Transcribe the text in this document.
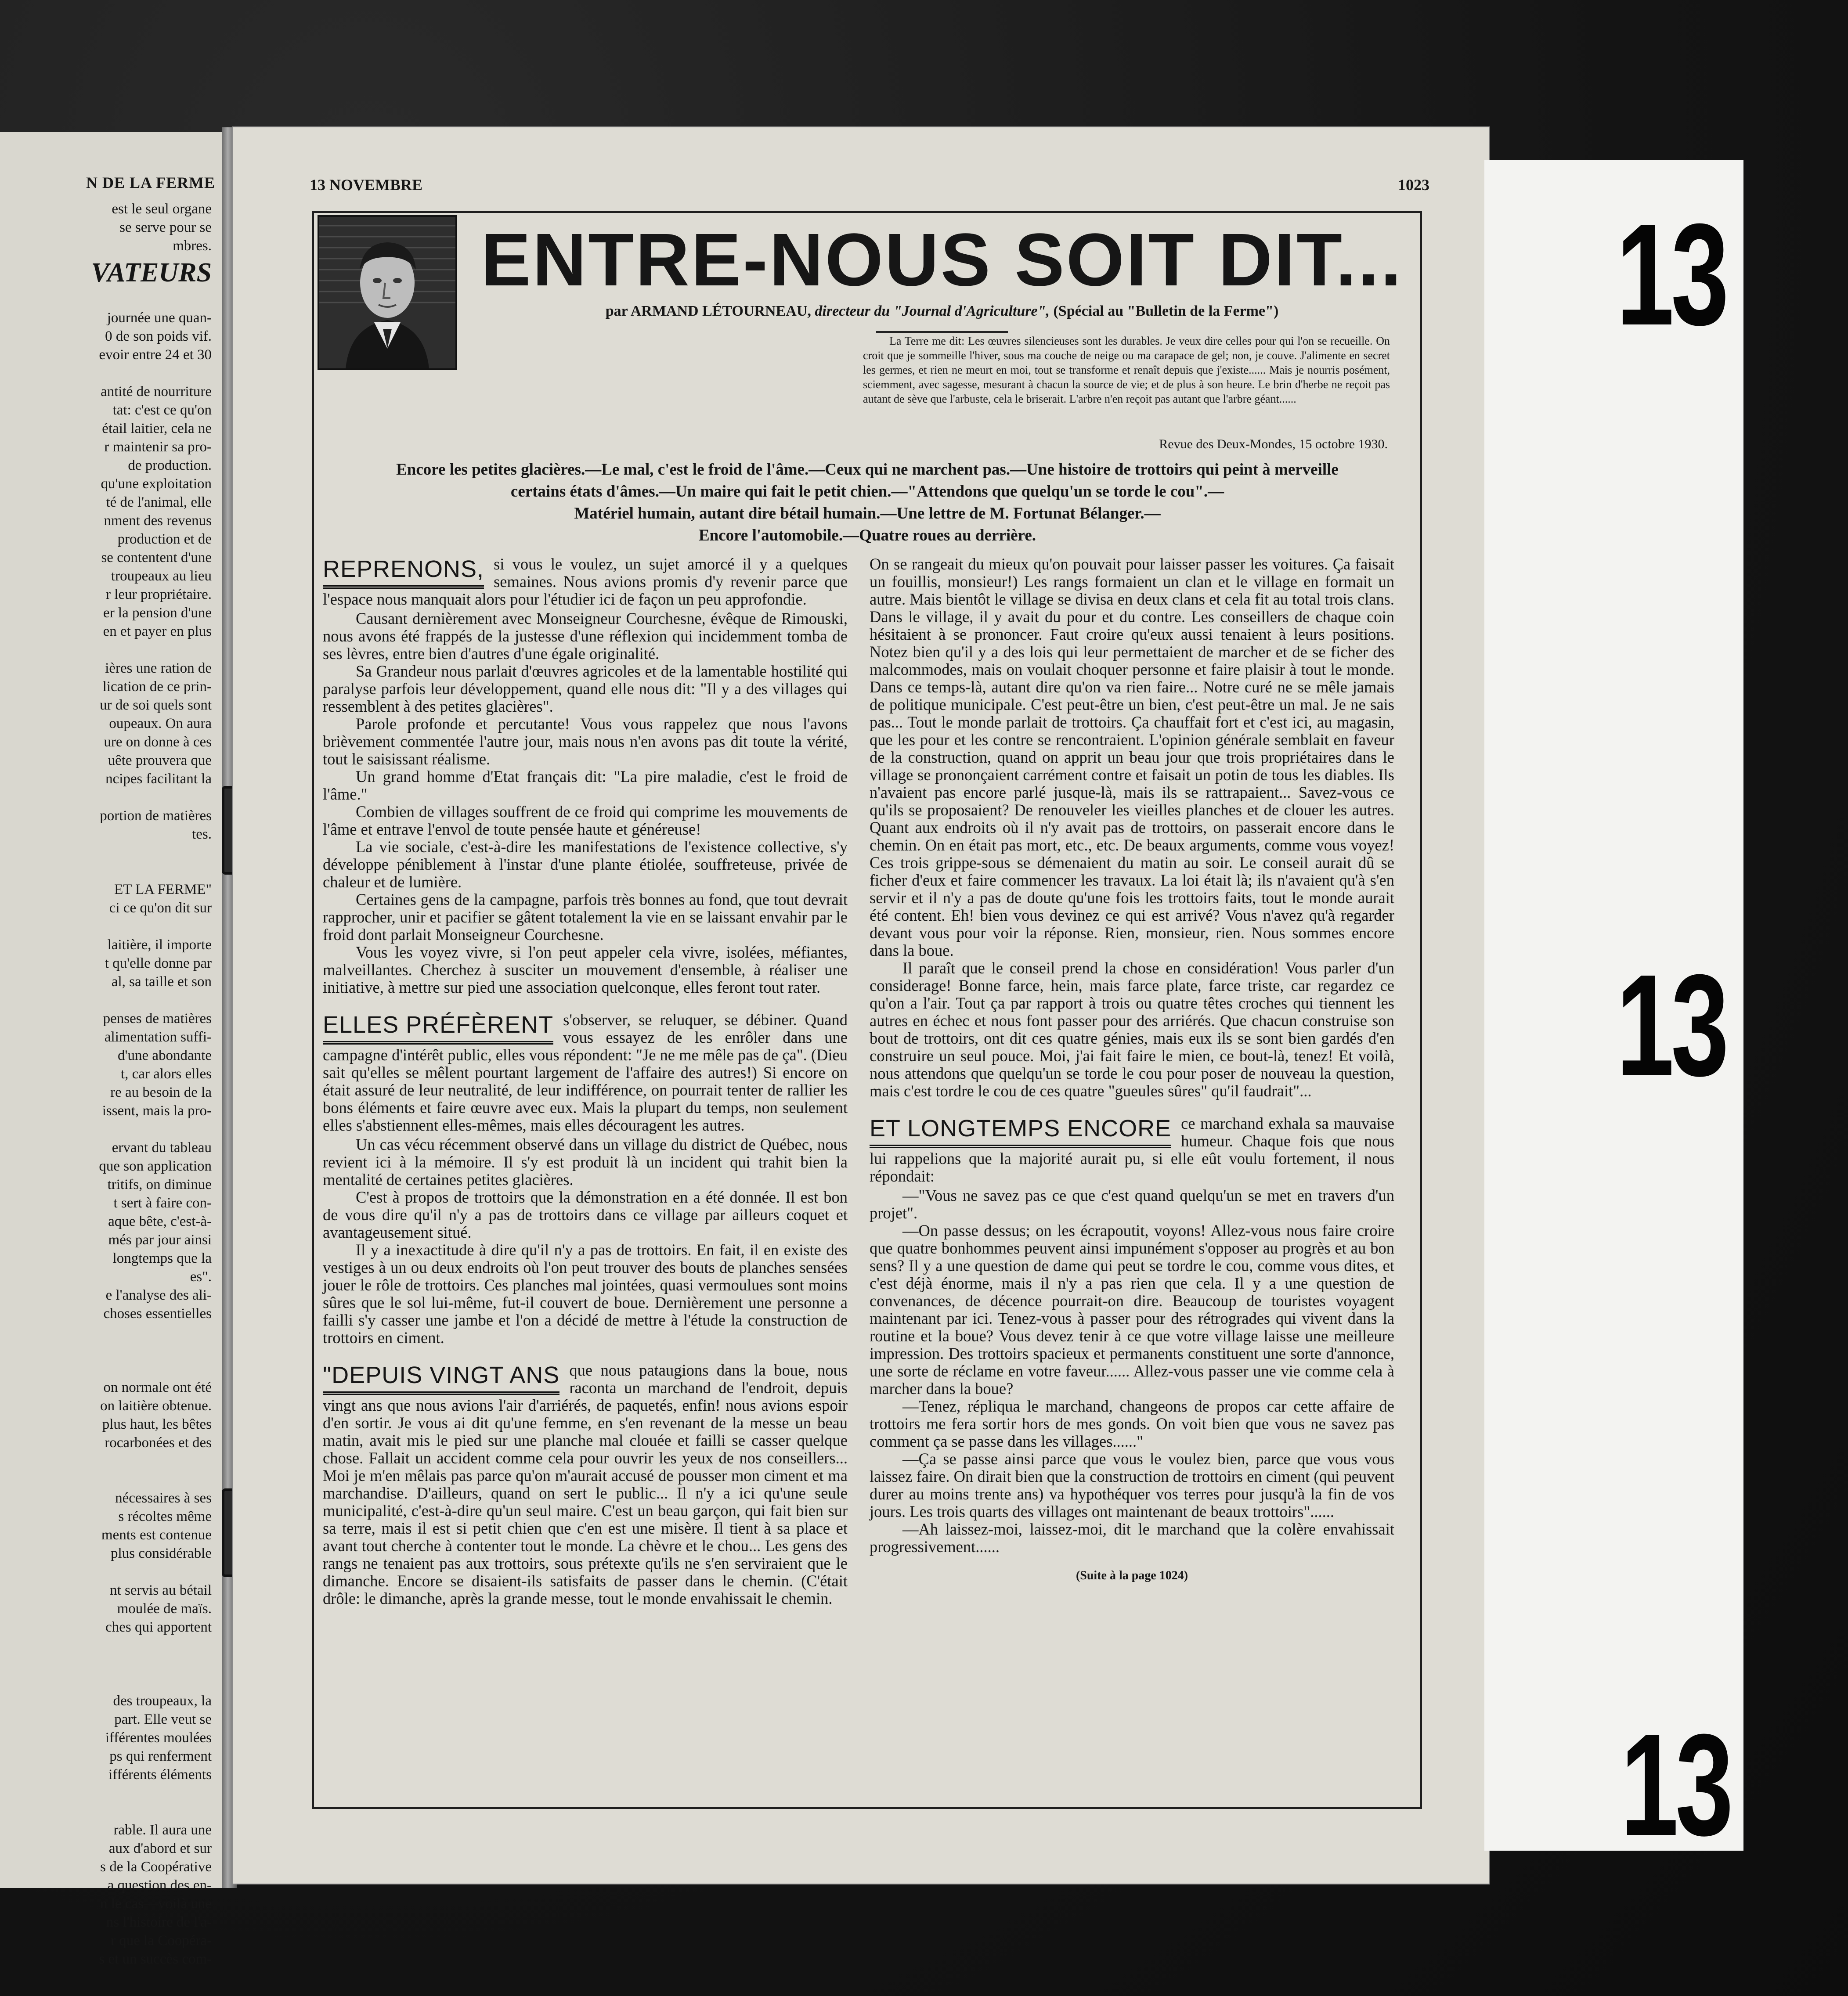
N DE LA FERME
est le seul organe
se serve pour se
mbres.
VATEURS

journée une quan-
0 de son poids vif.
evoir entre 24 et 30

antité de nourriture
tat: c'est ce qu'on
étail laitier, cela ne
r maintenir sa pro-
de production.
qu'une exploitation
té de l'animal, elle
nment des revenus
production et de
se contentent d'une
troupeaux au lieu
r leur propriétaire.
er la pension d'une
en et payer en plus

ières une ration de
lication de ce prin-
ur de soi quels sont
oupeaux. On aura
ure on donne à ces
uête prouvera que
ncipes facilitant la

portion de matières
tes.

ET LA FERME"
ci ce qu'on dit sur

laitière, il importe
t qu'elle donne par
al, sa taille et son

penses de matières
alimentation suffi-
d'une abondante
t, car alors elles
re au besoin de la
issent, mais la pro-

ervant du tableau
que son application
tritifs, on diminue
t sert à faire con-
aque bête, c'est-à-
més par jour ainsi
longtemps que la
es".
e l'analyse des ali-
choses essentielles

on normale ont été
on laitière obtenue.
plus haut, les bêtes
rocarbonées et des

nécessaires à ses
s récoltes même
ments est contenue
plus considérable

nt servis au bétail
moulée de maïs.
ches qui apportent

des troupeaux, la
part. Elle veut se
ifférentes moulées
ps qui renferment
ifférents éléments

rable. Il aura une
aux d'abord et sur
s de la Coopérative
a question des en-
n le cas—voilà une
ns l'histoire de l'a-
r que la Coopéra-
s et un succès com-
13 NOVEMBRE	1023
ENTRE-NOUS SOIT DIT...
par ARMAND LÉTOURNEAU, directeur du "Journal d'Agriculture", (Spécial au "Bulletin de la Ferme")
La Terre me dit: Les œuvres silencieuses sont les durables. Je veux dire celles pour qui l'on se recueille. On croit que je sommeille l'hiver, sous ma couche de neige ou ma carapace de gel; non, je couve. J'alimente en secret les germes, et rien ne meurt en moi, tout se transforme et renaît depuis que j'existe...... Mais je nourris posément, sciemment, avec sagesse, mesurant à chacun la source de vie; et de plus à son heure. Le brin d'herbe ne reçoit pas autant de sève que l'arbuste, cela le briserait. L'arbre n'en reçoit pas autant que l'arbre géant......
Revue des Deux-Mondes, 15 octobre 1930.
Encore les petites glacières.—Le mal, c'est le froid de l'âme.—Ceux qui ne marchent pas.—Une histoire de trottoirs qui peint à merveille
certains états d'âmes.—Un maire qui fait le petit chien.—"Attendons que quelqu'un se torde le cou".—
Matériel humain, autant dire bétail humain.—Une lettre de M. Fortunat Bélanger.—
Encore l'automobile.—Quatre roues au derrière.
REPRENONS, si vous le voulez, un sujet amorcé il y a quelques semaines. Nous avions promis d'y revenir parce que l'espace nous manquait alors pour l'étudier ici de façon un peu approfondie.

Causant dernièrement avec Monseigneur Courchesne, évêque de Rimouski, nous avons été frappés de la justesse d'une réflexion qui incidemment tomba de ses lèvres, entre bien d'autres d'une égale originalité.

Sa Grandeur nous parlait d'œuvres agricoles et de la lamentable hostilité qui paralyse parfois leur développement, quand elle nous dit: "Il y a des villages qui ressemblent à des petites glacières".

Parole profonde et percutante! Vous vous rappelez que nous l'avons brièvement commentée l'autre jour, mais nous n'en avons pas dit toute la vérité, tout le saisissant réalisme.

Un grand homme d'Etat français dit: "La pire maladie, c'est le froid de l'âme."

Combien de villages souffrent de ce froid qui comprime les mouvements de l'âme et entrave l'envol de toute pensée haute et généreuse!

La vie sociale, c'est-à-dire les manifestations de l'existence collective, s'y développe péniblement à l'instar d'une plante étiolée, souffreteuse, privée de chaleur et de lumière.

Certaines gens de la campagne, parfois très bonnes au fond, que tout devrait rapprocher, unir et pacifier se gâtent totalement la vie en se laissant envahir par le froid dont parlait Monseigneur Courchesne.

Vous les voyez vivre, si l'on peut appeler cela vivre, isolées, méfiantes, malveillantes. Cherchez à susciter un mouvement d'ensemble, à réaliser une initiative, à mettre sur pied une association quelconque, elles feront tout rater.

ELLES PRÉFÈRENT s'observer, se reluquer, se débiner. Quand vous essayez de les enrôler dans une campagne d'intérêt public, elles vous répondent: "Je ne me mêle pas de ça". (Dieu sait qu'elles se mêlent pourtant largement de l'affaire des autres!) Si encore on était assuré de leur neutralité, de leur indifférence, on pourrait tenter de rallier les bons éléments et faire œuvre avec eux. Mais la plupart du temps, non seulement elles s'abstiennent elles-mêmes, mais elles découragent les autres.

Un cas vécu récemment observé dans un village du district de Québec, nous revient ici à la mémoire. Il s'y est produit là un incident qui trahit bien la mentalité de certaines petites glacières.

C'est à propos de trottoirs que la démonstration en a été donnée. Il est bon de vous dire qu'il n'y a pas de trottoirs dans ce village par ailleurs coquet et avantageusement situé.

Il y a inexactitude à dire qu'il n'y a pas de trottoirs. En fait, il en existe des vestiges à un ou deux endroits où l'on peut trouver des bouts de planches sensées jouer le rôle de trottoirs. Ces planches mal jointées, quasi vermoulues sont moins sûres que le sol lui-même, fut-il couvert de boue. Dernièrement une personne a failli s'y casser une jambe et l'on a décidé de mettre à l'étude la construction de trottoirs en ciment.

"DEPUIS VINGT ANS que nous pataugions dans la boue, nous raconta un marchand de l'endroit, depuis vingt ans que nous avions l'air d'arriérés, de paquetés, enfin! nous avions espoir d'en sortir. Je vous ai dit qu'une femme, en s'en revenant de la messe un beau matin, avait mis le pied sur une planche mal clouée et failli se casser quelque chose. Fallait un accident comme cela pour ouvrir les yeux de nos conseillers... Moi je m'en mêlais pas parce qu'on m'aurait accusé de pousser mon ciment et ma marchandise. D'ailleurs, quand on sert le public... Il n'y a ici qu'une seule municipalité, c'est-à-dire qu'un seul maire. C'est un beau garçon, qui fait bien sur sa terre, mais il est si petit chien que c'en est une misère. Il tient à sa place et avant tout cherche à contenter tout le monde. La chèvre et le chou... Les gens des rangs ne tenaient pas aux trottoirs, sous prétexte qu'ils ne s'en serviraient que le dimanche. Encore se disaient-ils satisfaits de passer dans le chemin. (C'était drôle: le dimanche, après la grande messe, tout le monde envahissait le chemin.

On se rangeait du mieux qu'on pouvait pour laisser passer les voitures. Ça faisait un fouillis, monsieur!) Les rangs formaient un clan et le village en formait un autre. Mais bientôt le village se divisa en deux clans et cela fit au total trois clans. Dans le village, il y avait du pour et du contre. Les conseillers de chaque coin hésitaient à se prononcer. Faut croire qu'eux aussi tenaient à leurs positions. Notez bien qu'il y a des lois qui leur permettaient de marcher et de se ficher des malcommodes, mais on voulait choquer personne et faire plaisir à tout le monde. Dans ce temps-là, autant dire qu'on va rien faire... Notre curé ne se mêle jamais de politique municipale. C'est peut-être un bien, c'est peut-être un mal. Je ne sais pas... Tout le monde parlait de trottoirs. Ça chauffait fort et c'est ici, au magasin, que les pour et les contre se rencontraient. L'opinion générale semblait en faveur de la construction, quand on apprit un beau jour que trois propriétaires dans le village se prononçaient carrément contre et faisait un potin de tous les diables. Ils n'avaient pas encore parlé jusque-là, mais ils se rattrapaient... Savez-vous ce qu'ils se proposaient? De renouveler les vieilles planches et de clouer les autres. Quant aux endroits où il n'y avait pas de trottoirs, on passerait encore dans le chemin. On en était pas mort, etc., etc. De beaux arguments, comme vous voyez! Ces trois grippe-sous se démenaient du matin au soir. Le conseil aurait dû se ficher d'eux et faire commencer les travaux. La loi était là; ils n'avaient qu'à s'en servir et il n'y a pas de doute qu'une fois les trottoirs faits, tout le monde aurait été content. Eh! bien vous devinez ce qui est arrivé? Vous n'avez qu'à regarder devant vous pour voir la réponse. Rien, monsieur, rien. Nous sommes encore dans la boue.

Il paraît que le conseil prend la chose en considération! Vous parler d'un considerage! Bonne farce, hein, mais farce plate, farce triste, car regardez ce qu'on a l'air. Tout ça par rapport à trois ou quatre têtes croches qui tiennent les autres en échec et nous font passer pour des arriérés. Que chacun construise son bout de trottoirs, ont dit ces quatre génies, mais eux ils se sont bien gardés d'en construire un seul pouce. Moi, j'ai fait faire le mien, ce bout-là, tenez! Et voilà, nous attendons que quelqu'un se torde le cou pour poser de nouveau la question, mais c'est tordre le cou de ces quatre "gueules sûres" qu'il faudrait"...

ET LONGTEMPS ENCORE ce marchand exhala sa mauvaise humeur. Chaque fois que nous lui rappelions que la majorité aurait pu, si elle eût voulu fortement, il nous répondait:

—"Vous ne savez pas ce que c'est quand quelqu'un se met en travers d'un projet".

—On passe dessus; on les écrapoutit, voyons! Allez-vous nous faire croire que quatre bonhommes peuvent ainsi impunément s'opposer au progrès et au bon sens? Il y a une question de dame qui peut se tordre le cou, comme vous dites, et c'est déjà énorme, mais il n'y a pas rien que cela. Il y a une question de convenances, de décence pourrait-on dire. Beaucoup de touristes voyagent maintenant par ici. Tenez-vous à passer pour des rétrogrades qui vivent dans la routine et la boue? Vous devez tenir à ce que votre village laisse une meilleure impression. Des trottoirs spacieux et permanents constituent une sorte d'annonce, une sorte de réclame en votre faveur...... Allez-vous passer une vie comme cela à marcher dans la boue?

—Tenez, répliqua le marchand, changeons de propos car cette affaire de trottoirs me fera sortir hors de mes gonds. On voit bien que vous ne savez pas comment ça se passe dans les villages......"

—Ça se passe ainsi parce que vous le voulez bien, parce que vous vous laissez faire. On dirait bien que la construction de trottoirs en ciment (qui peuvent durer au moins trente ans) va hypothéquer vos terres pour jusqu'à la fin de vos jours. Les trois quarts des villages ont maintenant de beaux trottoirs"......

—Ah laissez-moi, laissez-moi, dit le marchand que la colère envahissait progressivement......

(Suite à la page 1024)
13
13
13
